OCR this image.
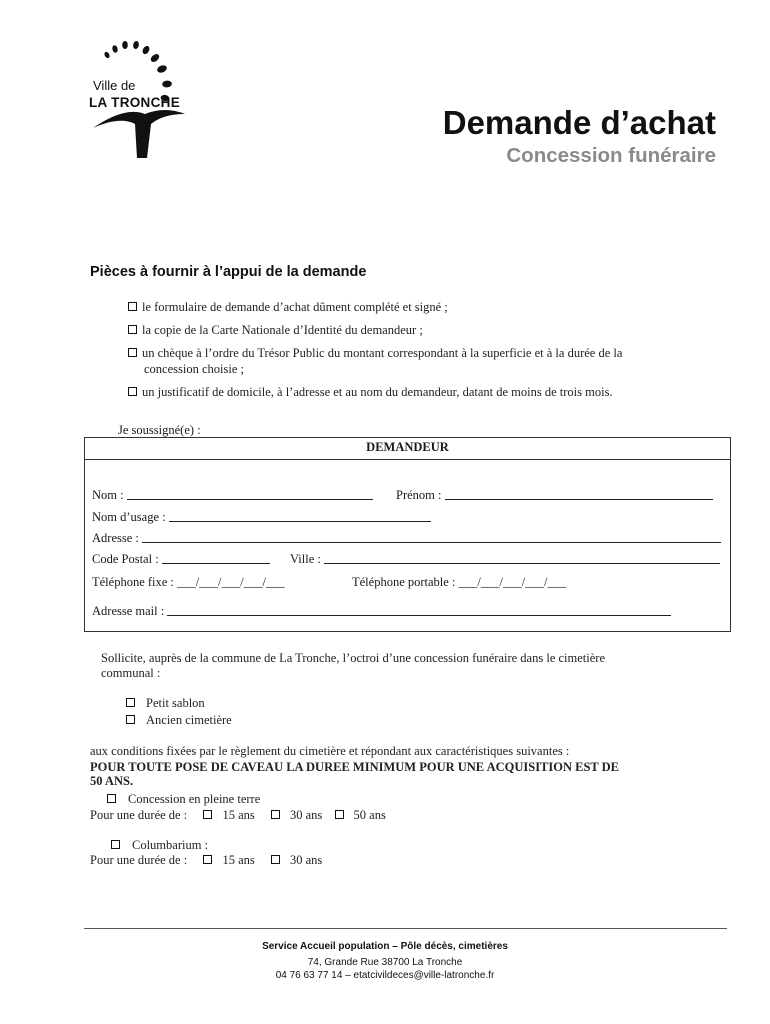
Ville de
LA TRONCHE
Demande d’achat
Concession funéraire
Pièces à fournir à l’appui de la demande
le formulaire de demande d’achat dûment complété et signé ;
la copie de la Carte Nationale d’Identité du demandeur ;
un chèque à l’ordre du Trésor Public du montant correspondant à la superficie et à la durée de la
concession choisie ;
un justificatif de domicile, à l’adresse et au nom du demandeur, datant de moins de trois mois.
Je soussigné(e) :
DEMANDEUR
Nom :	Prénom :
Nom d’usage :
Adresse :
Code Postal :	Ville :
Téléphone fixe : ___/___/___/___/___	Téléphone portable : ___/___/___/___/___
Adresse mail :
Sollicite, auprès de la commune de La Tronche, l’octroi d’une concession funéraire dans le cimetière
communal :
Petit sablon
Ancien cimetière
aux conditions fixées par le règlement du cimetière et répondant aux caractéristiques suivantes :
POUR TOUTE POSE DE CAVEAU LA DUREE MINIMUM POUR UNE ACQUISITION EST DE
50 ANS.
Concession en pleine terre
Pour une durée de :	15 ans	30 ans	50 ans
Columbarium :
Pour une durée de :	15 ans	30 ans
Service Accueil population – Pôle décès, cimetières
74, Grande Rue 38700 La Tronche
04 76 63 77 14 – etatcivildeces@ville-latronche.fr
